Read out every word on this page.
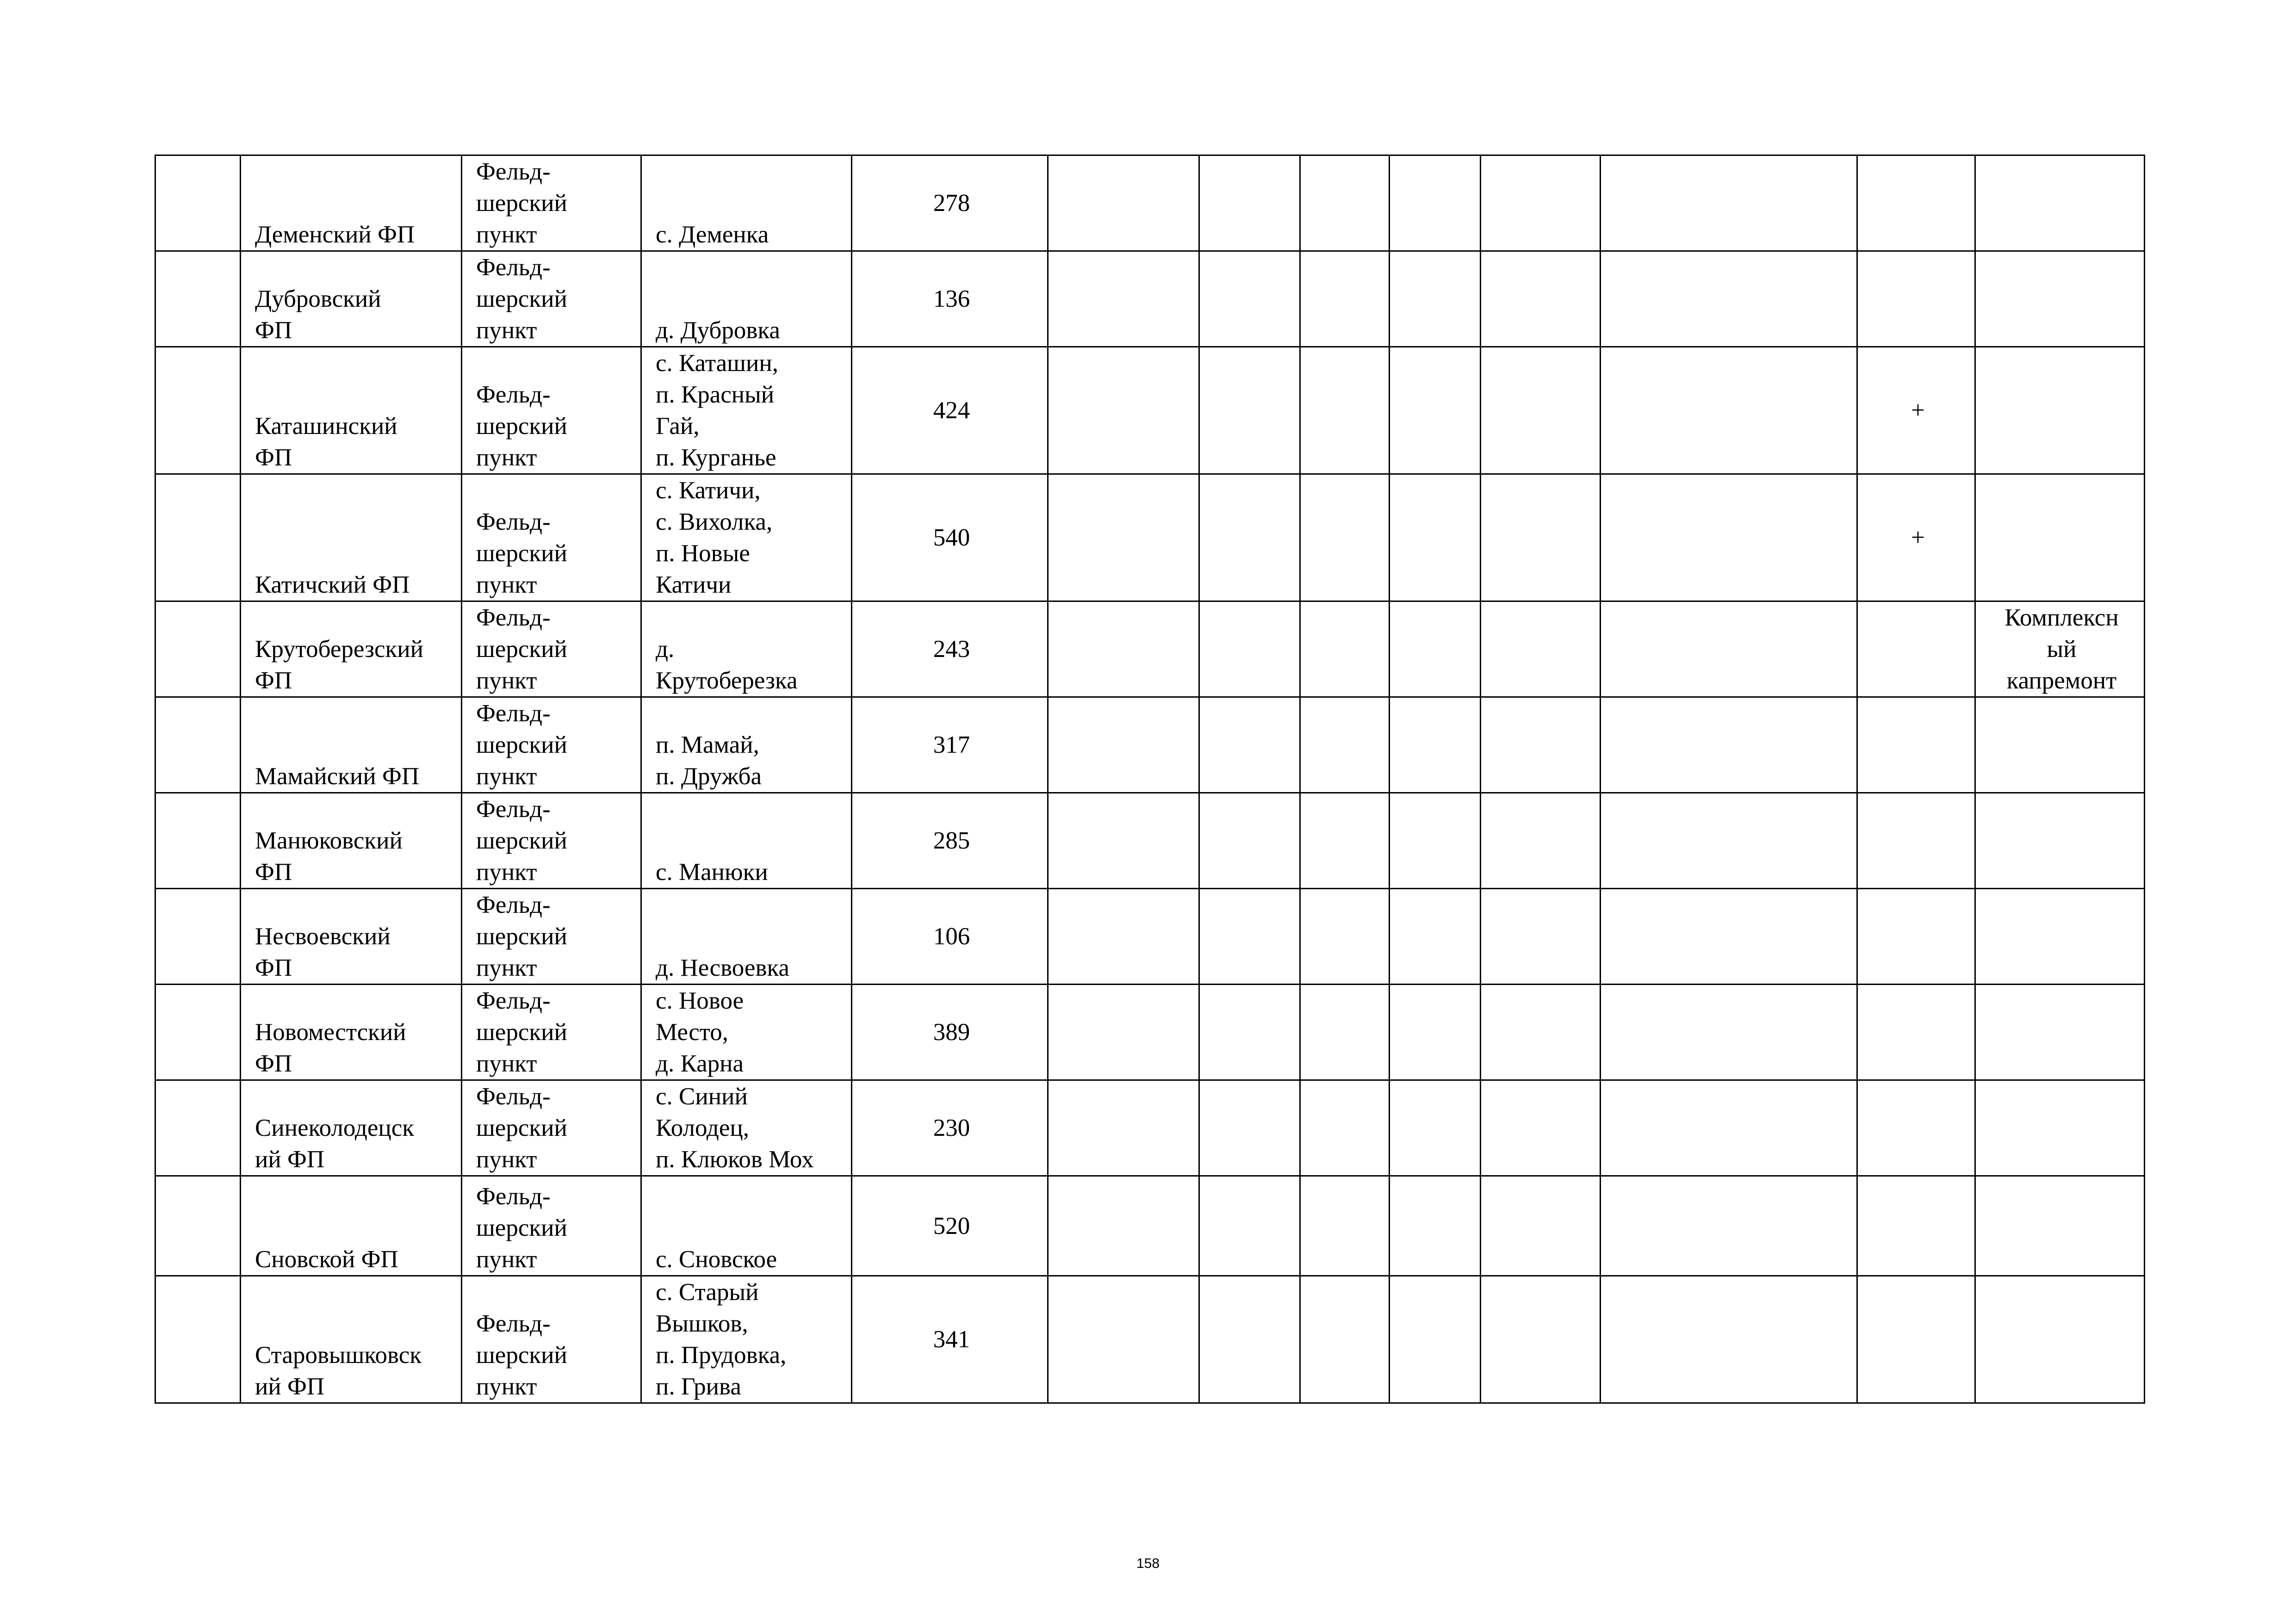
	Деменский ФП	Фельд-
шерский
пункт	с. Деменка	278								

	Дубровский
ФП	Фельд-
шерский
пункт	д. Дубровка	136								

	Каташинский
ФП	Фельд-
шерский
пункт	с. Каташин,
п. Красный
Гай,
п. Курганье	424							+	

	Катичский ФП	Фельд-
шерский
пункт	с. Катичи,
с. Вихолка,
п. Новые
Катичи	540							+	

	Крутоберезский
ФП	Фельд-
шерский
пункт	д.
Крутоберезка	243								Комплексн
ый
капремонт

	Мамайский ФП	Фельд-
шерский
пункт	п. Мамай,
п. Дружба	317								

	Манюковский
ФП	Фельд-
шерский
пункт	с. Манюки	285								

	Несвоевский
ФП	Фельд-
шерский
пункт	д. Несвоевка	106								

	Новоместский
ФП	Фельд-
шерский
пункт	с. Новое
Место,
д. Карна	389								

	Синеколодецск
ий ФП	Фельд-
шерский
пункт	с. Синий
Колодец,
п. Клюков Мох	230								

	Сновской ФП	Фельд-
шерский
пункт	с. Сновское	520								

	Старовышковск
ий ФП	Фельд-
шерский
пункт	с. Старый
Вышков,
п. Прудовка,
п. Грива	341								
158
